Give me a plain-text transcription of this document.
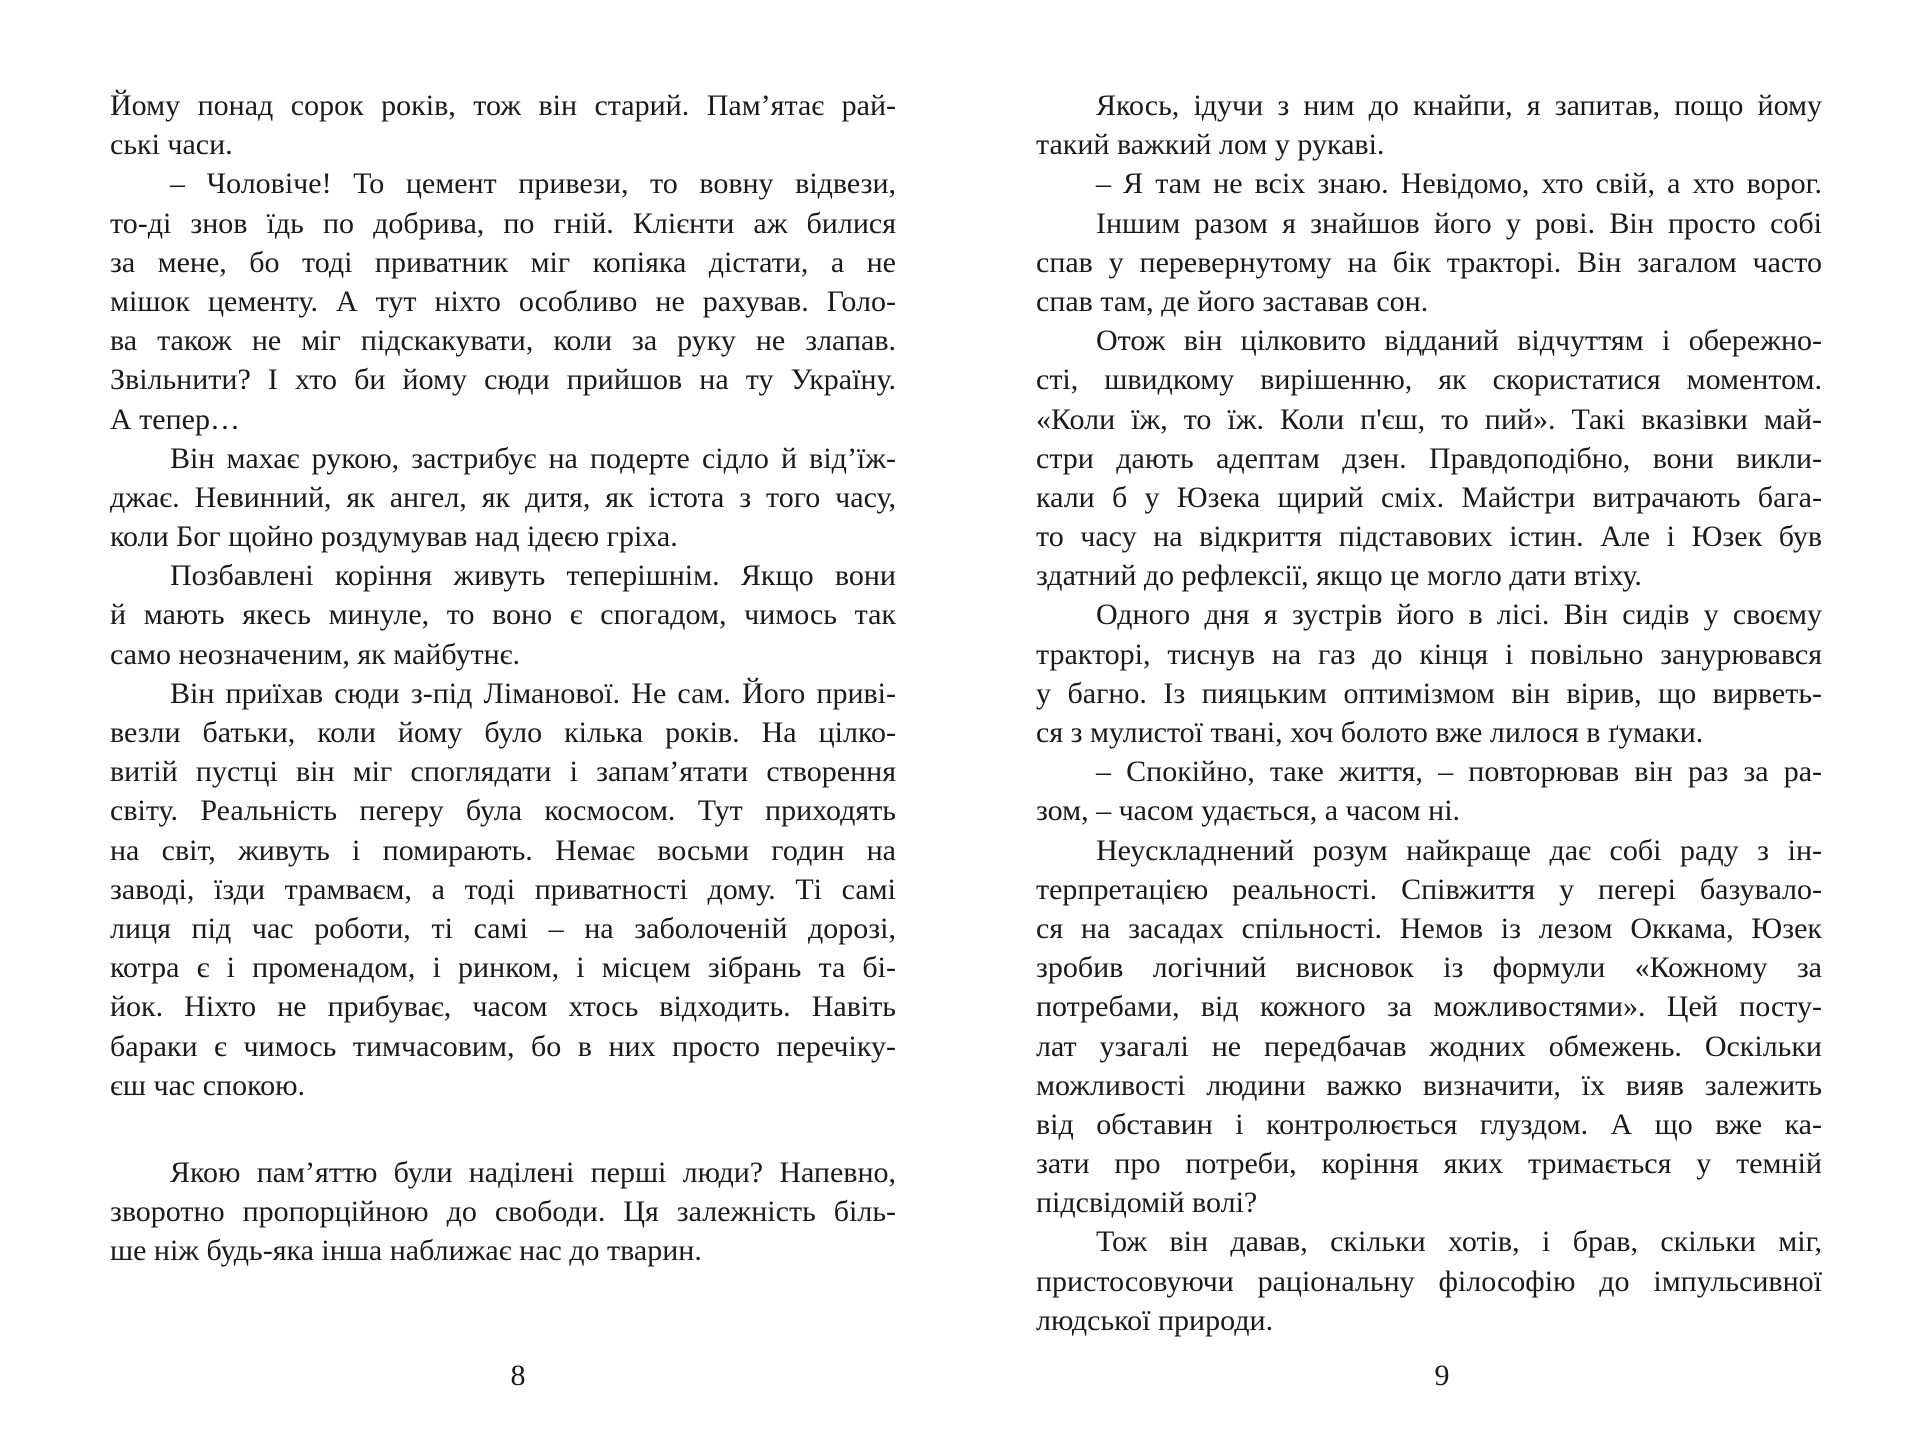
Йому понад сорок років, тож він старий. Пам’ятає рай-
ські часи.
– Чоловіче! То цемент привези, то вовну відвези,
то-ді знов їдь по добрива, по гній. Клієнти аж билися
за мене, бо тоді приватник міг копіяка дістати, а не
мішок цементу. А тут ніхто особливо не рахував. Голо-
ва також не міг підскакувати, коли за руку не злапав.
Звільнити? І хто би йому сюди прийшов на ту Україну.
А тепер…
Він махає рукою, застрибує на подерте сідло й від’їж-
джає. Невинний, як ангел, як дитя, як істота з того часу,
коли Бог щойно роздумував над ідеєю гріха.
Позбавлені коріння живуть теперішнім. Якщо вони
й мають якесь минуле, то воно є спогадом, чимось так
само неозначеним, як майбутнє.
Він приїхав сюди з-під Ліманової. Не сам. Його приві-
везли батьки, коли йому було кілька років. На цілко-
витій пустці він міг споглядати і запам’ятати створення
світу. Реальність пегеру була космосом. Тут приходять
на світ, живуть і помирають. Немає восьми годин на
заводі, їзди трамваєм, а тоді приватності дому. Ті самі
лиця під час роботи, ті самі – на заболоченій дорозі,
котра є і променадом, і ринком, і місцем зібрань та бі-
йок. Ніхто не прибуває, часом хтось відходить. Навіть
бараки є чимось тимчасовим, бо в них просто перечіку-
єш час спокою.
Якою пам’яттю були наділені перші люди? Напевно,
зворотно пропорційною до свободи. Ця залежність біль-
ше ніж будь-яка інша наближає нас до тварин.
Якось, ідучи з ним до кнайпи, я запитав, пощо йому
такий важкий лом у рукаві.
– Я там не всіх знаю. Невідомо, хто свій, а хто ворог.
Іншим разом я знайшов його у рові. Він просто собі
спав у перевернутому на бік тракторі. Він загалом часто
спав там, де його заставав сон.
Отож він цілковито відданий відчуттям і обережно-
сті, швидкому вирішенню, як скористатися моментом.
«Коли їж, то їж. Коли п'єш, то пий». Такі вказівки май-
стри дають адептам дзен. Правдоподібно, вони викли-
кали б у Юзека щирий сміх. Майстри витрачають бага-
то часу на відкриття підставових істин. Але і Юзек був
здатний до рефлексії, якщо це могло дати втіху.
Одного дня я зустрів його в лісі. Він сидів у своєму
тракторі, тиснув на газ до кінця і повільно занурювався
у багно. Із пияцьким оптимізмом він вірив, що вирветь-
ся з мулистої твані, хоч болото вже лилося в ґумаки.
– Спокійно, таке життя, – повторював він раз за ра-
зом, – часом удається, а часом ні.
Неускладнений розум найкраще дає собі раду з ін-
терпретацією реальності. Співжиття у пегері базувало-
ся на засадах спільності. Немов із лезом Оккама, Юзек
зробив логічний висновок із формули «Кожному за
потребами, від кожного за можливостями». Цей посту-
лат узагалі не передбачав жодних обмежень. Оскільки
можливості людини важко визначити, їх вияв залежить
від обставин і контролюється глуздом. А що вже ка-
зати про потреби, коріння яких тримається у темній
підсвідомій волі?
Тож він давав, скільки хотів, і брав, скільки міг,
пристосовуючи раціональну філософію до імпульсивної
людської природи.
8	9
